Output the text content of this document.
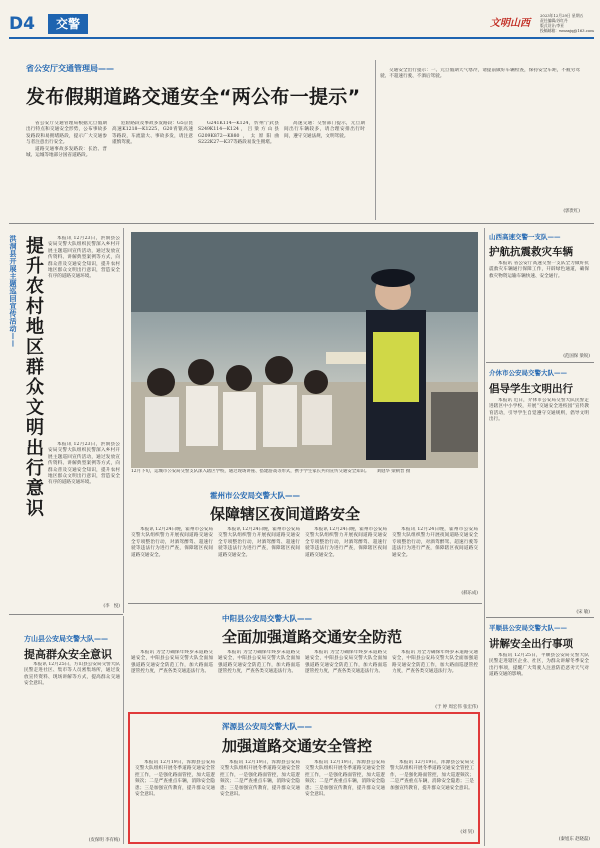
D4	交警	文明山西
2023年12月29日 星期五
责任编辑/苏红丹
版式设计/李亚
投稿邮箱：wmsxjq@163.com
省公安厅交通管理局——
发布假期道路交通安全“两公布一提示”

省公安厅交通管理局根据元旦假期出行特点和交通安全形势，公布事故多发路段和易拥堵路段，提示广大交通参与者注意出行安全。

道路交通事故多发路段：长治、晋城、运城等地部分国省道路段。

危险路段及事故多发路段：G5京昆高速K1218—K1225、G20青银高速等路段，车流量大、事故多发，请注意谨慎驾驶。

G241K114—K124，忻州宁武县S249K114—K124，吕梁方山县G209K872—K880，太原阳曲S222K27—K37等路段易发生拥堵。

高速交通：交警部门提示，元旦期间出行车辆较多，请合理安排出行时间，遵守交通法规，文明驾驶。

交通安全出行提示：一、元旦假期天气寒冷，请提前做好车辆检查，保持安全车距，不疲劳驾驶、不超速行驶、不酒后驾驶。

(郭贵红)
洪洞县开展主题巡回宣传活动—— 提升农村地区群众文明出行意识	本报讯 12月23日，洪洞县公安局交警大队组织民警深入乡村开展主题巡回宣传活动，通过发放宣传资料、讲解典型案例等方式，向群众普及交通安全知识，提升农村地区群众文明出行意识，营造安全有序的道路交通环境。

本报讯 12月23日，洪洞县公安局交警大队组织民警深入乡村开展主题巡回宣传活动，通过发放宣传资料、讲解典型案例等方式，向群众普及交通安全知识，提升农村地区群众文明出行意识，营造安全有序的道路交通环境。

(李　悦)
方山县公安局交警大队——
提高群众安全意识

本报讯 12月25日，方山县公安局交警大队民警走进社区、集市等人员密集场所，通过发放宣传资料、现场讲解等方式，提高群众交通安全意识。

(皮保明 李有梅)
12月下旬，运城市公安局交警支队深入辖区学校，通过现场讲座、搭建游戏等形式，携手学生家长共同宣传交通安全知识。 刘庭华 梁朝晋 摄
山西高速交警一支队——
护航抗震救灾车辆

本报讯 省公安厅高速交警一支队全力做好抗震救灾车辆通行保障工作，开辟绿色通道，确保救灾物资运输车辆快速、安全通行。

(范国保 梁锐)
介休市公安局交警大队——
倡导学生文明出行

本报讯 近日，介休市公安局交警大队民警走进辖区中小学校，开展“交通安全进校园”宣传教育活动，引导学生自觉遵守交通规则，倡导文明出行。

(宋 敏)
平顺县公安局交警大队——
讲解安全出行事项

本报讯 12月25日，平顺县公安局交警大队民警走进辖区企业、社区，为群众讲解冬季安全出行事项，提醒广大驾驶人注意防范恶劣天气对道路交通的影响。

(秦旭东 赵晓磊)
霍州市公安局交警大队——
保障辖区夜间道路安全

本报讯 12月24日晚，霍州市公安局交警大队组织警力开展夜间道路交通安全专项整治行动，对酒驾醉驾、超速行驶等违法行为进行严查，保障辖区夜间道路交通安全。

本报讯 12月24日晚，霍州市公安局交警大队组织警力开展夜间道路交通安全专项整治行动，对酒驾醉驾、超速行驶等违法行为进行严查，保障辖区夜间道路交通安全。

本报讯 12月24日晚，霍州市公安局交警大队组织警力开展夜间道路交通安全专项整治行动，对酒驾醉驾、超速行驶等违法行为进行严查，保障辖区夜间道路交通安全。

本报讯 12月24日晚，霍州市公安局交警大队组织警力开展夜间道路交通安全专项整治行动，对酒驾醉驾、超速行驶等违法行为进行严查，保障辖区夜间道路交通安全。

(郝乐成)
中阳县公安局交警大队——
全面加强道路交通安全防范

本报讯 为全力确保年终岁末道路交通安全，中阳县公安局交警大队全面加强道路交通安全防范工作，加大路面巡逻管控力度，严查各类交通违法行为。

本报讯 为全力确保年终岁末道路交通安全，中阳县公安局交警大队全面加强道路交通安全防范工作，加大路面巡逻管控力度，严查各类交通违法行为。

本报讯 为全力确保年终岁末道路交通安全，中阳县公安局交警大队全面加强道路交通安全防范工作，加大路面巡逻管控力度，严查各类交通违法行为。

本报讯 为全力确保年终岁末道路交通安全，中阳县公安局交警大队全面加强道路交通安全防范工作，加大路面巡逻管控力度，严查各类交通违法行为。

(于 婷 周宏伟 张宏伟)
浑源县公安局交警大队——
加强道路交通安全管控

本报讯 12月19日，浑源县公安局交警大队组织开展冬季道路交通安全管控工作，一是强化路面管控，加大巡逻频次；二是严查重点车辆，消除安全隐患；三是加强宣传教育，提升群众交通安全意识。

本报讯 12月19日，浑源县公安局交警大队组织开展冬季道路交通安全管控工作，一是强化路面管控，加大巡逻频次；二是严查重点车辆，消除安全隐患；三是加强宣传教育，提升群众交通安全意识。

本报讯 12月19日，浑源县公安局交警大队组织开展冬季道路交通安全管控工作，一是强化路面管控，加大巡逻频次；二是严查重点车辆，消除安全隐患；三是加强宣传教育，提升群众交通安全意识。

本报讯 12月19日，浑源县公安局交警大队组织开展冬季道路交通安全管控工作，一是强化路面管控，加大巡逻频次；二是严查重点车辆，消除安全隐患；三是加强宣传教育，提升群众交通安全意识。

(刘 钊)
